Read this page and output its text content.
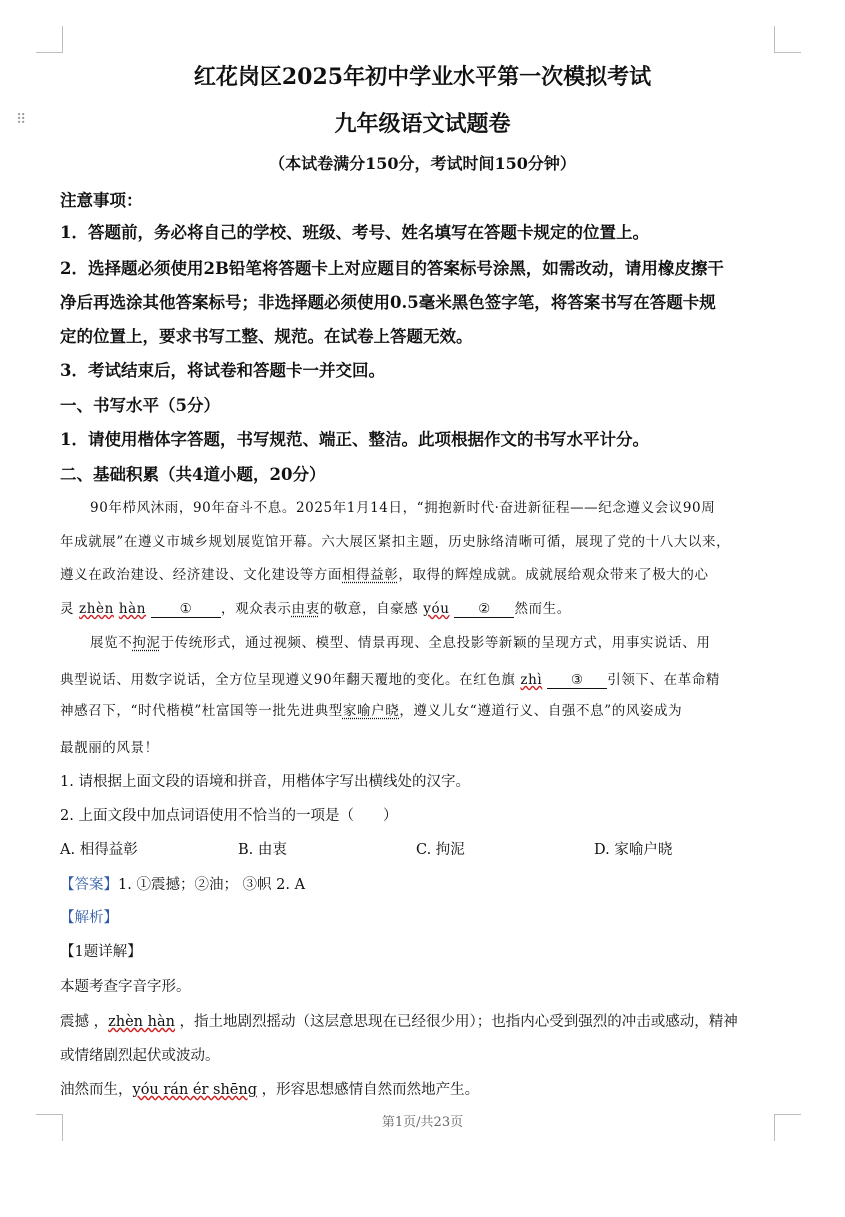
⠿
红花岗区2025年初中学业水平第一次模拟考试
九年级语文试题卷
（本试卷满分150分，考试时间150分钟）
注意事项：
1．答题前，务必将自己的学校、班级、考号、姓名填写在答题卡规定的位置上。
2．选择题必须使用2B铅笔将答题卡上对应题目的答案标号涂黑，如需改动，请用橡皮擦干
净后再选涂其他答案标号；非选择题必须使用0.5毫米黑色签字笔，将答案书写在答题卡规
定的位置上，要求书写工整、规范。在试卷上答题无效。
3．考试结束后，将试卷和答题卡一并交回。
一、书写水平（5分）
1．请使用楷体字答题，书写规范、端正、整洁。此项根据作文的书写水平计分。
二、基础积累（共4道小题，20分）
90年栉风沐雨，90年奋斗不息。2025年1月14日，“拥抱新时代·奋进新征程——纪念遵义会议90周
年成就展”在遵义市城乡规划展览馆开幕。六大展区紧扣主题，历史脉络清晰可循，展现了党的十八大以来，
遵义在政治建设、经济建设、文化建设等方面相得益彰，取得的辉煌成就。成就展给观众带来了极大的心
灵 zhèn hàn ① ，观众表示由衷的敬意，自豪感 yóu ② 然而生。
展览不拘泥于传统形式，通过视频、模型、情景再现、全息投影等新颖的呈现方式，用事实说话、用
典型说话、用数字说话，全方位呈现遵义90年翻天覆地的变化。在红色旗 zhì ③ 引领下、在革命精
神感召下，“时代楷模”杜富国等一批先进典型家喻户晓，遵义儿女“遵道行义、自强不息”的风姿成为
最靓丽的风景！
1. 请根据上面文段的语境和拼音，用楷体字写出横线处的汉字。
2. 上面文段中加点词语使用不恰当的一项是（　　）
A. 相得益彰	B. 由衷	C. 拘泥	D. 家喻户晓
【答案】1. ①震撼；②油； ③帜 2. A
【解析】
【1题详解】
本题考查字音字形。
震撼 ，zhèn hàn ，指土地剧烈摇动（这层意思现在已经很少用）；也指内心受到强烈的冲击或感动，精神
或情绪剧烈起伏或波动。
油然而生，yóu rán ér shēng ，形容思想感情自然而然地产生。
第1页/共23页
